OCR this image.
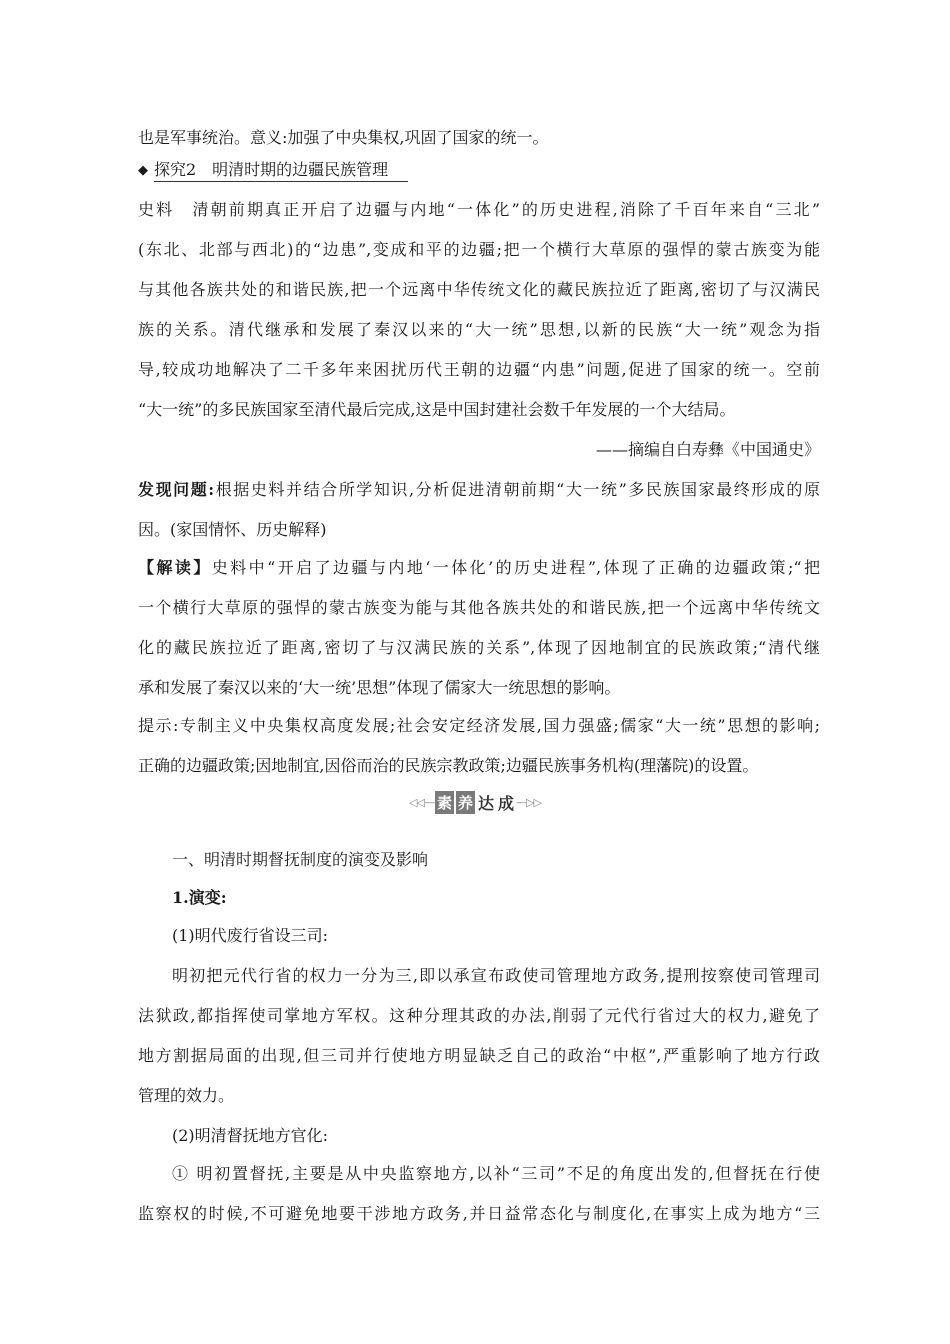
也是军事统治。意义:加强了中央集权,巩固了国家的统一。
◆ 探究2　明清时期的边疆民族管理
史料　清朝前期真正开启了边疆与内地“一体化”的历史进程,消除了千百年来自“三北”
(东北、北部与西北)的“边患”,变成和平的边疆;把一个横行大草原的强悍的蒙古族变为能
与其他各族共处的和谐民族,把一个远离中华传统文化的藏民族拉近了距离,密切了与汉满民
族的关系。清代继承和发展了秦汉以来的“大一统”思想,以新的民族“大一统”观念为指
导,较成功地解决了二千多年来困扰历代王朝的边疆“内患”问题,促进了国家的统一。空前
“大一统”的多民族国家至清代最后完成,这是中国封建社会数千年发展的一个大结局。
——摘编自白寿彝《中国通史》
发现问题:根据史料并结合所学知识,分析促进清朝前期“大一统”多民族国家最终形成的原
因。(家国情怀、历史解释)
【解读】史料中“开启了边疆与内地‘一体化’的历史进程”,体现了正确的边疆政策;“把
一个横行大草原的强悍的蒙古族变为能与其他各族共处的和谐民族,把一个远离中华传统文
化的藏民族拉近了距离,密切了与汉满民族的关系”,体现了因地制宜的民族政策;“清代继
承和发展了秦汉以来的‘大一统’思想”体现了儒家大一统思想的影响。
提示:专制主义中央集权高度发展;社会安定经济发展,国力强盛;儒家“大一统”思想的影响;
正确的边疆政策;因地制宜,因俗而治的民族宗教政策;边疆民族事务机构(理藩院)的设置。
◁◁— 素 养 达 成 —▷▷
一、明清时期督抚制度的演变及影响
1.演变:
(1)明代废行省设三司:
明初把元代行省的权力一分为三,即以承宣布政使司管理地方政务,提刑按察使司管理司
法狱政,都指挥使司掌地方军权。这种分理其政的办法,削弱了元代行省过大的权力,避免了
地方割据局面的出现,但三司并行使地方明显缺乏自己的政治“中枢”,严重影响了地方行政
管理的效力。
(2)明清督抚地方官化:
① 明初置督抚,主要是从中央监察地方,以补“三司”不足的角度出发的,但督抚在行使
监察权的时候,不可避免地要干涉地方政务,并日益常态化与制度化,在事实上成为地方“三
